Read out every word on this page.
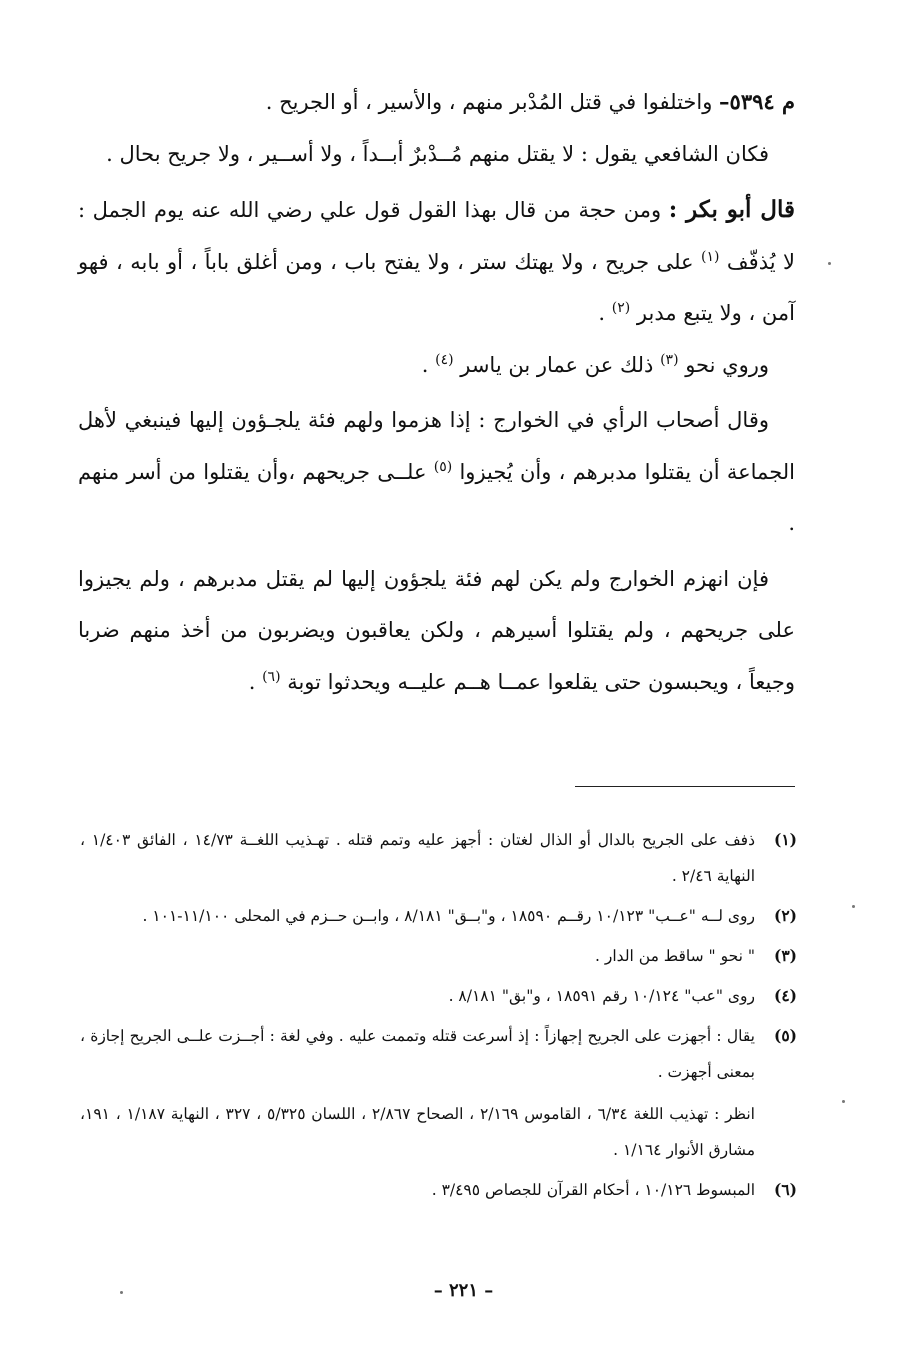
م ٥٣٩٤– واختلفوا في قتل المُدْبر منهم ، والأسير ، أو الجريح .

فكان الشافعي يقول : لا يقتل منهم مُــدْبرٌ أبــداً ، ولا أســير ، ولا جريح بحال .

قال أبو بكر : ومن حجة من قال بهذا القول قول علي رضي الله عنه يوم الجمل : لا يُذفّف $^{(١)}$ على جريح ، ولا يهتك ستر ، ولا يفتح باب ، ومن أغلق باباً ، أو بابه ، فهو آمن ، ولا يتبع مدبر $^{(٢)}$ .

وروي نحو $^{(٣)}$ ذلك عن عمار بن ياسر $^{(٤)}$ .

وقال أصحاب الرأي في الخوارج : إذا هزموا ولهم فئة يلجـؤون إليها فينبغي لأهل الجماعة أن يقتلوا مدبرهم ، وأن يُجيزوا $^{(٥)}$ علــى جريحهم ،وأن يقتلوا من أسر منهم .

فإن انهزم الخوارج ولم يكن لهم فئة يلجؤون إليها لم يقتل مدبرهم ، ولم يجيزوا على جريحهم ، ولم يقتلوا أسيرهم ، ولكن يعاقبون ويضربون من أخذ منهم ضربا وجيعاً ، ويحبسون حتى يقلعوا عمــا هــم عليــه ويحدثوا توبة $^{(٦)}$ .

(١)
ذفف على الجريح بالدال أو الذال لغتان : أجهز عليه وتمم قتله . تهـذيب اللغــة ١٤/٧٣ ، الفائق ١/٤٠٣ ، النهاية ٢/٤٦ .
(٢)
روى لــه "عــب" ١٠/١٢٣ رقــم ١٨٥٩٠ ، و"بــق" ٨/١٨١ ، وابــن حــزم في المحلى ١١/١٠٠-١٠١ .
(٣)
" نحو " ساقط من الدار .
(٤)
روى "عب" ١٠/١٢٤ رقم ١٨٥٩١ ، و"بق" ٨/١٨١ .
(٥)
يقال : أجهزت على الجريح إجهازاً : إذ أسرعت قتله وتممت عليه . وفي لغة : أجــزت علــى الجريح إجازة ، بمعنى أجهزت .
انظر : تهذيب اللغة ٦/٣٤ ، القاموس ٢/١٦٩ ، الصحاح ٢/٨٦٧ ، اللسان ٥/٣٢٥ ، ٣٢٧ ، النهاية ١/١٨٧ ، ١٩١، مشارق الأنوار ١/١٦٤ .
(٦)
المبسوط ١٠/١٢٦ ، أحكام القرآن للجصاص ٣/٤٩٥ .
– ٢٢١ –
